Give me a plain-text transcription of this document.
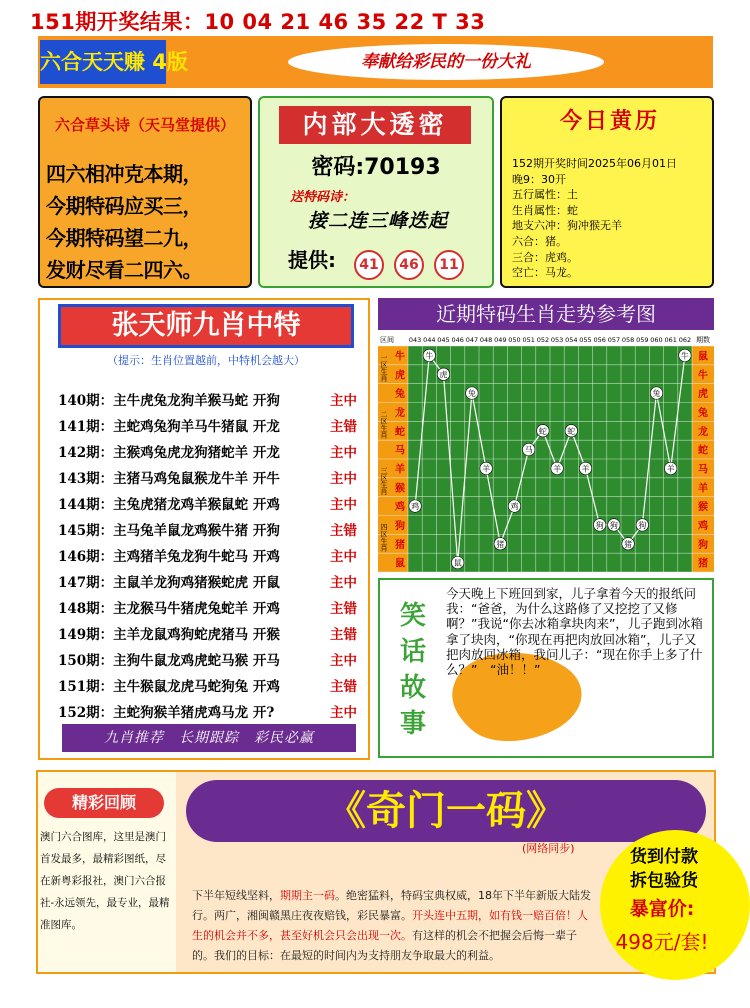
151期开奖结果：10 04 21 46 35 22 T 33
六合天天赚 4版	奉献给彩民的一份大礼
六合草头诗（天马堂提供）
四六相冲克本期，
今期特码应买三，
今期特码望二九，
发财尽看二四六。
内部大透密
密码:70193
送特码诗：
接二连三峰迭起
提供:	41	46	11
今日黄历
152期开奖时间2025年06月01日
晚9：30开
五行属性：土
生肖属性：蛇
地支六冲：狗冲猴无羊
六合：猪。
三合：虎鸡。
空亡：马龙。
张天师九肖中特
（提示：生肖位置越前，中特机会越大）
140期：主牛虎兔龙狗羊猴马蛇 开狗	主中
141期：主蛇鸡兔狗羊马牛猪鼠 开龙	主错
142期：主猴鸡兔虎龙狗猪蛇羊 开龙	主中
143期：主猪马鸡兔鼠猴龙牛羊 开牛	主中
144期：主兔虎猪龙鸡羊猴鼠蛇 开鸡	主中
145期：主马兔羊鼠龙鸡猴牛猪 开狗	主错
146期：主鸡猪羊兔龙狗牛蛇马 开鸡	主中
147期：主鼠羊龙狗鸡猪猴蛇虎 开鼠	主中
148期：主龙猴马牛猪虎兔蛇羊 开鸡	主错
149期：主羊龙鼠鸡狗蛇虎猪马 开猴	主错
150期：主狗牛鼠龙鸡虎蛇马猴 开马	主中
151期：主牛猴鼠龙虎马蛇狗兔 开鸡	主错
152期：主蛇狗猴羊猪虎鸡马龙 开?	主中
九肖推荐　长期跟踪　彩民必赢
近期特码生肖走势参考图
区间	期数
043 044 045 046 047 048 049 050 051 052 053 054 055 056 057 058 059 060 061 062
一区生肖
二区生肖
三区生肖
四区生肖
牛
虎
兔
龙
蛇
马
羊
猴
鸡
狗
猪
鼠
鼠
牛
虎
兔
龙
蛇
马
羊
猴
鸡
狗
猪
鸡
牛
虎
鼠
兔
羊
猪
鸡
马
蛇
羊
蛇
羊
狗 狗
猪
狗
兔
羊
牛
笑
话
故
事
今天晚上下班回到家，儿子拿着今天的报纸问我：“爸爸，为什么这路修了又挖挖了又修啊？”我说“你去冰箱拿块肉来”，儿子跑到冰箱拿了块肉，“你现在再把肉放回冰箱”，儿子又把肉放回冰箱，我问儿子：“现在你手上多了什么？”　“油！！”
精彩回顾
澳门六合图库，这里是澳门首发最多，最精彩图纸，尽在新粤彩报社，澳门六合报社-永远领先，最专业，最精准图库。
《奇门一码》
(网络同步)	货到付款
拆包验货
暴富价:
498元/套!
下半年短线坚料，期期主一码。绝密猛料，特码宝典权威，18年下半年新版大陆发行。两广，湘闽赣黑庄夜夜赔钱，彩民暴富。开头连中五期，如有钱一赔百倍！人生的机会并不多，甚至好机会只会出现一次。有这样的机会不把握会后悔一辈子的。我们的目标：在最短的时间内为支持朋友争取最大的利益。
